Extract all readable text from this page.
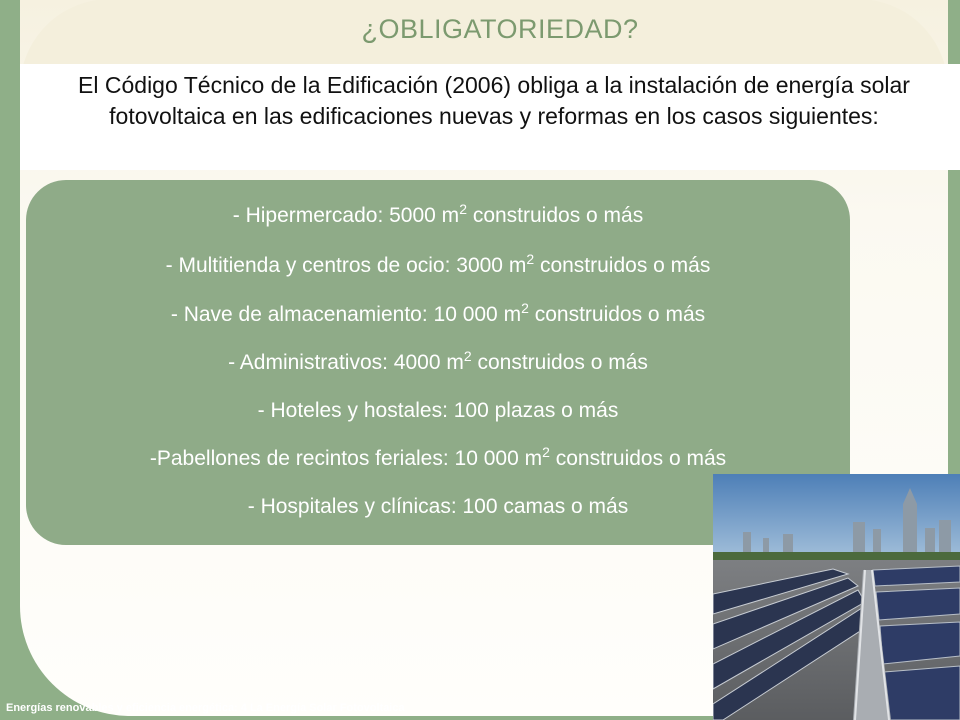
¿OBLIGATORIEDAD?
El Código Técnico de la Edificación (2006) obliga a la instalación de energía solar fotovoltaica en las edificaciones nuevas y reformas en los casos siguientes:
- Hipermercado: 5000 $m^2$ construidos o más
- Multitienda y centros de ocio: 3000 $m^2$ construidos o más
- Nave de almacenamiento: 10 000 $m^2$ construidos o más
- Administrativos: 4000 $m^2$ construidos o más
- Hoteles y hostales: 100 plazas o más
-Pabellones de recintos feriales: 10 000 $m^2$ construidos o más
- Hospitales y clínicas: 100 camas o más
Energías renovables y eficiencia energética: 4 La Energía Solar Fotovoltaica
